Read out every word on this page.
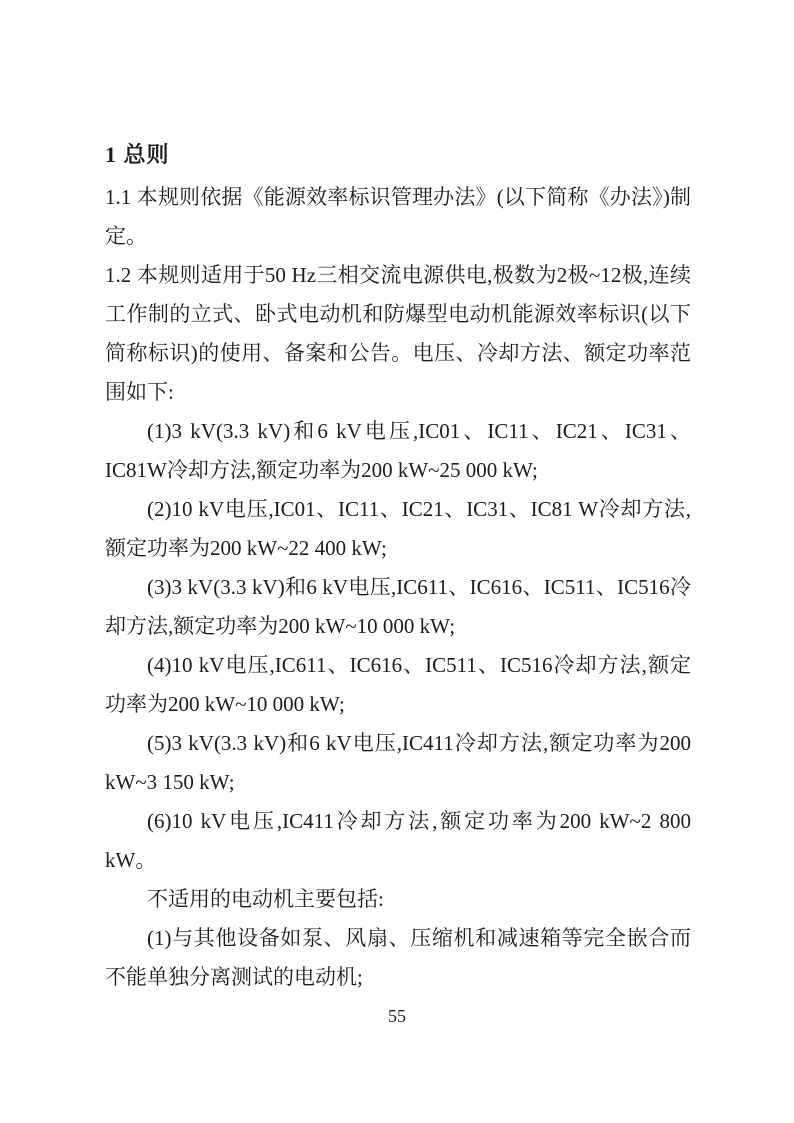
1 总则

1.1 本规则依据《能源效率标识管理办法》(以下简称《办法》)制定。

1.2 本规则适用于50 Hz三相交流电源供电,极数为2极~12极,连续工作制的立式、卧式电动机和防爆型电动机能源效率标识(以下简称标识)的使用、备案和公告。电压、冷却方法、额定功率范围如下:

(1)3 kV(3.3 kV)和6 kV电压,IC01、IC11、IC21、IC31、IC81W冷却方法,额定功率为200 kW~25 000 kW;

(2)10 kV电压,IC01、IC11、IC21、IC31、IC81 W冷却方法,额定功率为200 kW~22 400 kW;

(3)3 kV(3.3 kV)和6 kV电压,IC611、IC616、IC511、IC516冷却方法,额定功率为200 kW~10 000 kW;

(4)10 kV电压,IC611、IC616、IC511、IC516冷却方法,额定功率为200 kW~10 000 kW;

(5)3 kV(3.3 kV)和6 kV电压,IC411冷却方法,额定功率为200 kW~3 150 kW;

(6)10 kV电压,IC411冷却方法,额定功率为200 kW~2 800 kW。

不适用的电动机主要包括:

(1)与其他设备如泵、风扇、压缩机和减速箱等完全嵌合而不能单独分离测试的电动机;

55
